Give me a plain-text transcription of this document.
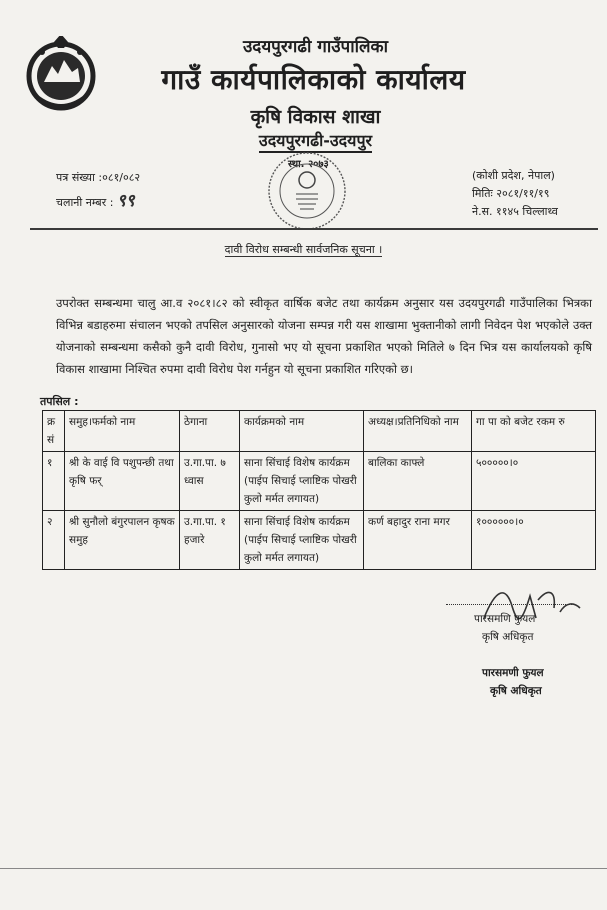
उदयपुरगढी गाउँपालिका
गाउँ कार्यपालिकाको कार्यालय
कृषि विकास शाखा
उदयपुरगढी-उदयपुर
स्था. २०७३
पत्र संख्या :०८१/०८२
चलानी नम्बर : ९९
(कोशी प्रदेश, नेपाल)
मितिः २०८१/११/१९
ने.स. ११४५ चिल्लाथ्व
दावी विरोध सम्बन्धी सार्वजनिक सूचना ।
उपरोक्त सम्बन्धमा चालु आ.व २०८१।८२ को स्वीकृत वार्षिक बजेट तथा कार्यक्रम अनुसार यस उदयपुरगढी गाउँपालिका भित्रका विभिन्न बडाहरुमा संचालन भएको तपसिल अनुसारको योजना सम्पन्न गरी यस शाखामा भुक्तानीको लागी निवेदन पेश भएकोले उक्त योजनाको सम्बन्धमा कसैको कुनै दावी विरोध, गुनासो भए यो सूचना प्रकाशित भएको मितिले ७ दिन भित्र यस कार्यालयको कृषि विकास शाखामा निश्चित रुपमा दावी विरोध पेश गर्नहुन यो सूचना प्रकाशित गरिएको छ।
तपसिल :
क्र सं	समुह।फर्मको नाम	ठेगाना	कार्यक्रमको नाम	अध्यक्ष।प्रतिनिधिको नाम	गा पा को बजेट रकम रु
१	श्री के वाई वि पशुपन्छी तथा कृषि फर्	उ.गा.पा. ७ ध्वास	साना सिंचाई विशेष कार्यक्रम (पाईप सिचाई प्लाष्टिक पोखरी कुलो मर्मत लगायत)	बालिका काफ्ले	५०००००।०
२	श्री सुनौलो बंगुरपालन कृषक समुह	उ.गा.पा. १ हजारे	साना सिंचाई विशेष कार्यक्रम (पाईप सिचाई प्लाष्टिक पोखरी कुलो मर्मत लगायत)	कर्ण बहादुर राना मगर	१००००००।०
पारसमणि फुयल
कृषि अधिकृत
पारसमणी फुयल
कृषि अधिकृत
